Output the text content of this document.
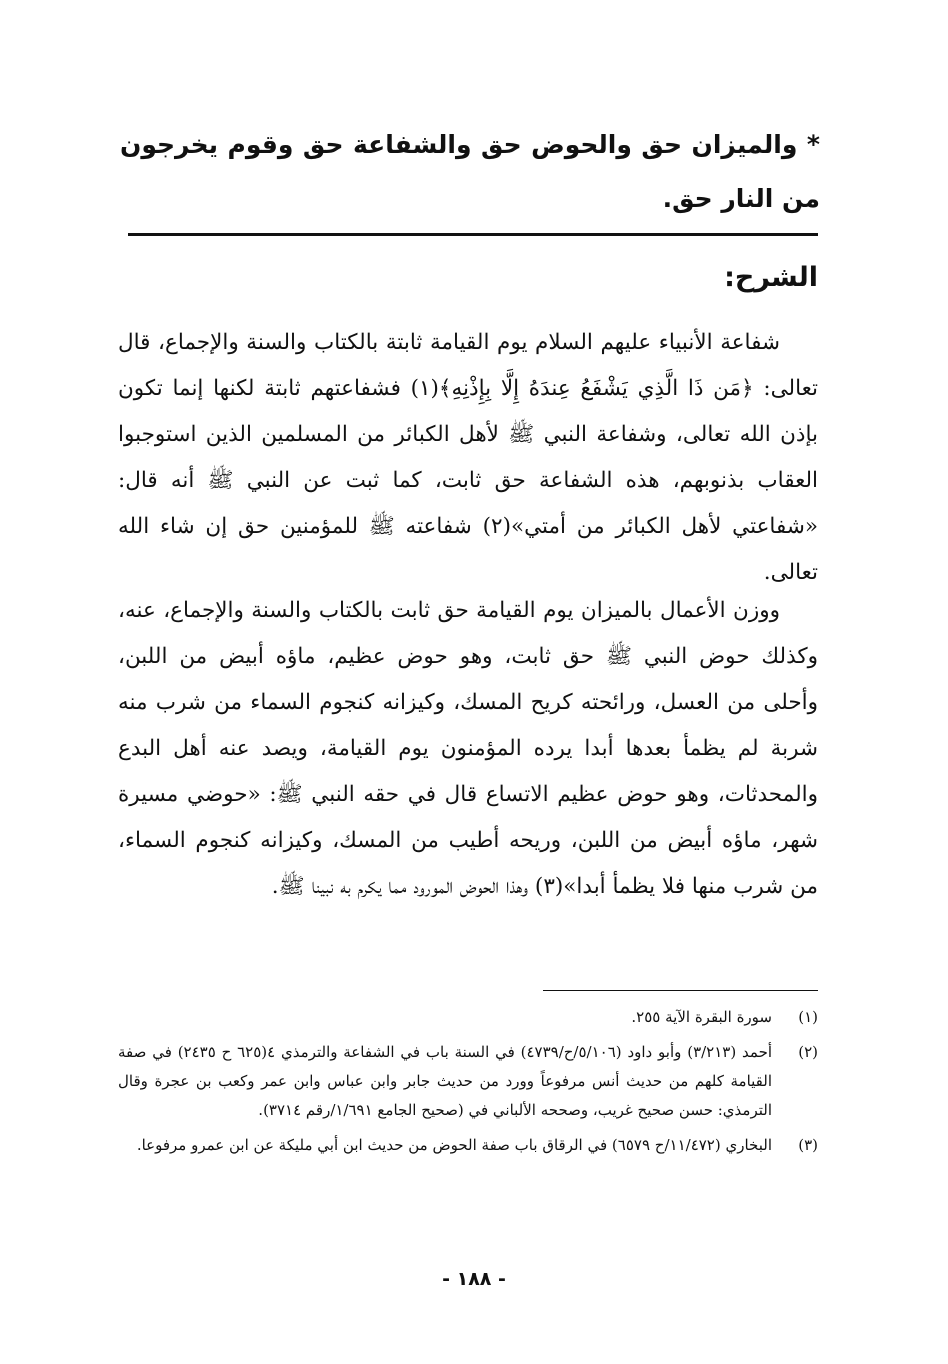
* والميزان حق والحوض حق والشفاعة حق وقوم يخرجون من النار حق.
الشرح:

شفاعة الأنبياء عليهم السلام يوم القيامة ثابتة بالكتاب والسنة والإجماع، قال تعالى: ﴿مَن ذَا الَّذِي يَشْفَعُ عِندَهُ إِلَّا بِإِذْنِهِ﴾(١) فشفاعتهم ثابتة لكنها إنما تكون بإذن الله تعالى، وشفاعة النبي ﷺ لأهل الكبائر من المسلمين الذين استوجبوا العقاب بذنوبهم، هذه الشفاعة حق ثابت، كما ثبت عن النبي ﷺ أنه قال: «شفاعتي لأهل الكبائر من أمتي»(٢) شفاعته ﷺ للمؤمنين حق إن شاء الله تعالى.

ووزن الأعمال بالميزان يوم القيامة حق ثابت بالكتاب والسنة والإجماع، عنه، وكذلك حوض النبي ﷺ حق ثابت، وهو حوض عظيم، ماؤه أبيض من اللبن، وأحلى من العسل، ورائحته كريح المسك، وكيزانه كنجوم السماء من شرب منه شربة لم يظمأ بعدها أبدا يرده المؤمنون يوم القيامة، ويصد عنه أهل البدع والمحدثات، وهو حوض عظيم الاتساع قال في حقه النبي ﷺ: «حوضي مسيرة شهر، ماؤه أبيض من اللبن، وريحه أطيب من المسك، وكيزانه كنجوم السماء، من شرب منها فلا يظمأ أبدا»(٣) وهذا الحوض المورود مما يكرم به نبينا ﷺ.

(١)
سورة البقرة الآية ٢٥٥.
(٢)
أحمد (٣/٢١٣) وأبو داود (٥/١٠٦/ح/٤٧٣٩) في السنة باب في الشفاعة والترمذي ٤(٦٢٥ ح ٢٤٣٥) في صفة القيامة كلهم من حديث أنس مرفوعاً وورد من حديث جابر وابن عباس وابن عمر وكعب بن عجرة وقال الترمذي: حسن صحيح غريب، وصححه الألباني في (صحيح الجامع ١/٦٩١/رقم ٣٧١٤).
(٣)
البخاري (١١/٤٧٢/ح ٦٥٧٩) في الرقاق باب صفة الحوض من حديث ابن أبي مليكة عن ابن عمرو مرفوعا.
- ١٨٨ -
